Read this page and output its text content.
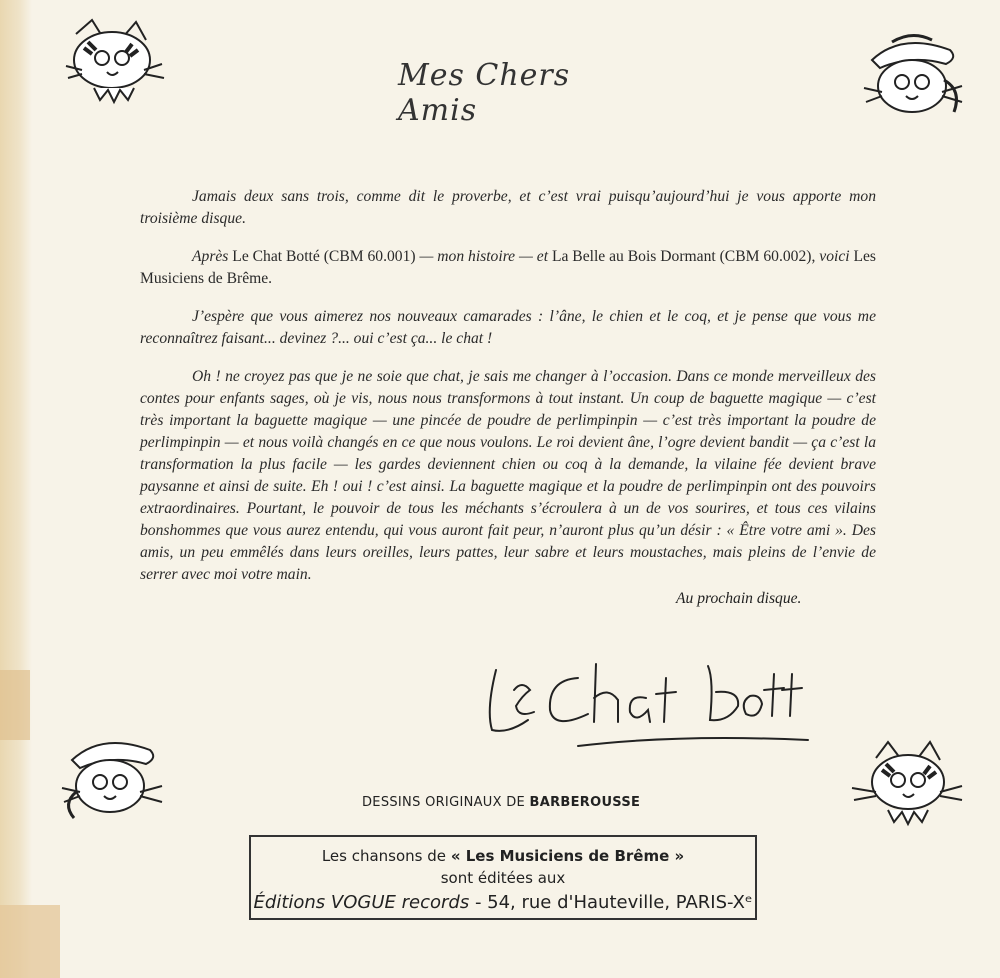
Mes Chers Amis

Jamais deux sans trois, comme dit le proverbe, et c’est vrai puisqu’aujourd’hui je vous apporte mon troisième disque.

Après Le Chat Botté (CBM 60.001) — mon histoire — et La Belle au Bois Dormant (CBM 60.002), voici Les Musiciens de Brême.

J’espère que vous aimerez nos nouveaux camarades : l’âne, le chien et le coq, et je pense que vous me reconnaîtrez faisant... devinez ?... oui c’est ça... le chat !

Oh ! ne croyez pas que je ne soie que chat, je sais me changer à l’occasion. Dans ce monde merveilleux des contes pour enfants sages, où je vis, nous nous transformons à tout instant. Un coup de baguette magique — c’est très important la baguette magique — une pincée de poudre de perlimpinpin — c’est très important la poudre de perlimpinpin — et nous voilà changés en ce que nous voulons. Le roi devient âne, l’ogre devient bandit — ça c’est la transformation la plus facile — les gardes deviennent chien ou coq à la demande, la vilaine fée devient brave paysanne et ainsi de suite. Eh ! oui ! c’est ainsi. La baguette magique et la poudre de perlimpinpin ont des pouvoirs extraordinaires. Pourtant, le pouvoir de tous les méchants s’écroulera à un de vos sourires, et tous ces vilains bonshommes que vous aurez entendu, qui vous auront fait peur, n’auront plus qu’un désir : « Être votre ami ». Des amis, un peu emmêlés dans leurs oreilles, leurs pattes, leur sabre et leurs moustaches, mais pleins de l’envie de serrer avec moi votre main.

Au prochain disque.
DESSINS ORIGINAUX DE BARBEROUSSE
Les chansons de « Les Musiciens de Brême »
sont éditées aux
Éditions VOGUE records - 54, rue d'Hauteville, PARIS-Xᵉ
